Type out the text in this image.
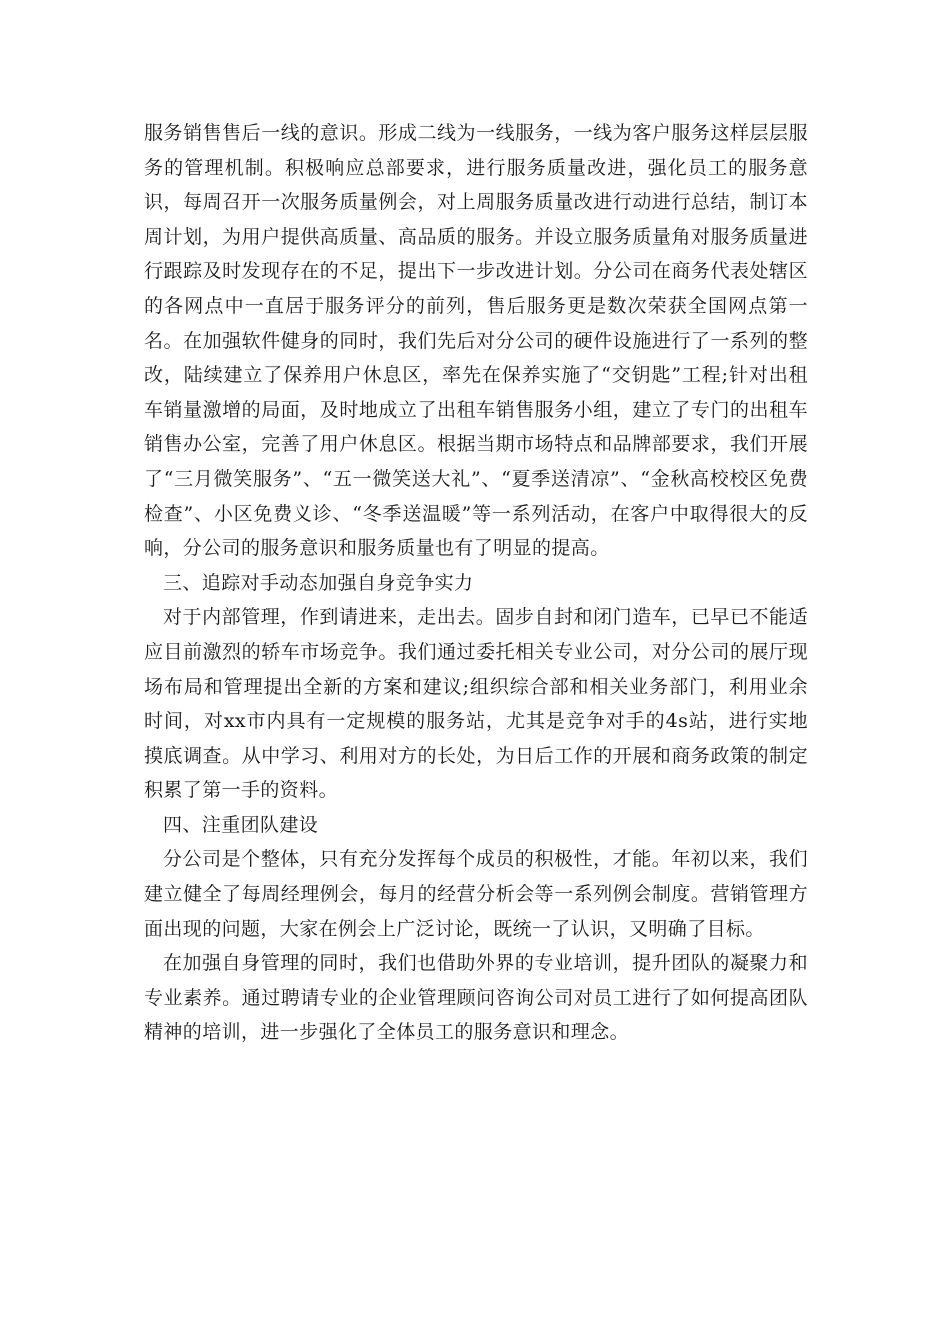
服务销售售后一线的意识。形成二线为一线服务，一线为客户服务这样层层服务的管理机制。积极响应总部要求，进行服务质量改进，强化员工的服务意识，每周召开一次服务质量例会，对上周服务质量改进行动进行总结，制订本周计划，为用户提供高质量、高品质的服务。并设立服务质量角对服务质量进行跟踪及时发现存在的不足，提出下一步改进计划。分公司在商务代表处辖区的各网点中一直居于服务评分的前列，售后服务更是数次荣获全国网点第一名。在加强软件健身的同时，我们先后对分公司的硬件设施进行了一系列的整改，陆续建立了保养用户休息区，率先在保养实施了“交钥匙”工程;针对出租车销量激增的局面，及时地成立了出租车销售服务小组，建立了专门的出租车销售办公室，完善了用户休息区。根据当期市场特点和品牌部要求，我们开展了“三月微笑服务”、“五一微笑送大礼”、“夏季送清凉”、“金秋高校校区免费检查”、小区免费义诊、“冬季送温暖”等一系列活动，在客户中取得很大的反响，分公司的服务意识和服务质量也有了明显的提高。

三、追踪对手动态加强自身竞争实力

对于内部管理，作到请进来，走出去。固步自封和闭门造车，已早已不能适应目前激烈的轿车市场竞争。我们通过委托相关专业公司，对分公司的展厅现场布局和管理提出全新的方案和建议;组织综合部和相关业务部门，利用业余时间，对xx市内具有一定规模的服务站，尤其是竞争对手的4s站，进行实地摸底调查。从中学习、利用对方的长处，为日后工作的开展和商务政策的制定积累了第一手的资料。

四、注重团队建设

分公司是个整体，只有充分发挥每个成员的积极性，才能。年初以来，我们建立健全了每周经理例会，每月的经营分析会等一系列例会制度。营销管理方面出现的问题，大家在例会上广泛讨论，既统一了认识，又明确了目标。

在加强自身管理的同时，我们也借助外界的专业培训，提升团队的凝聚力和专业素养。通过聘请专业的企业管理顾问咨询公司对员工进行了如何提高团队精神的培训，进一步强化了全体员工的服务意识和理念。
